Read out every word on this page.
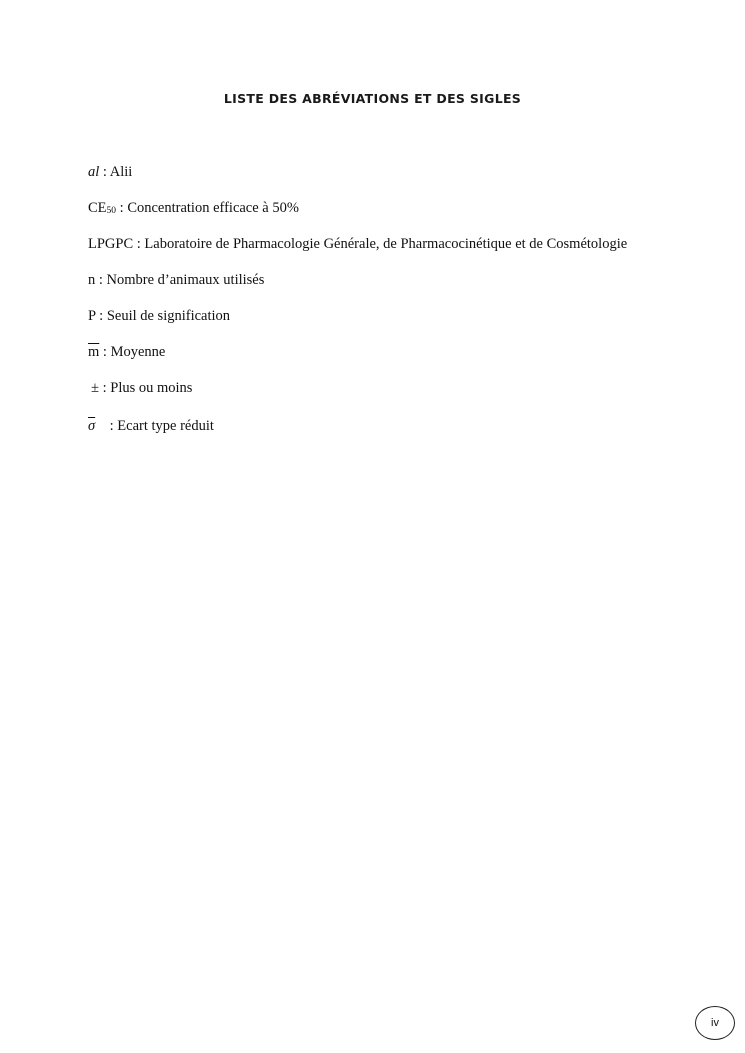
LISTE DES ABRÉVIATIONS ET DES SIGLES
al : Alii
CE50 : Concentration efficace à 50%
LPGPC : Laboratoire de Pharmacologie Générale, de Pharmacocinétique et de Cosmétologie
n : Nombre d’animaux utilisés
P : Seuil de signification
$\overline{m}$ : Moyenne
± : Plus ou moins
$\overline{\sigma}$ : Ecart type réduit
iv
